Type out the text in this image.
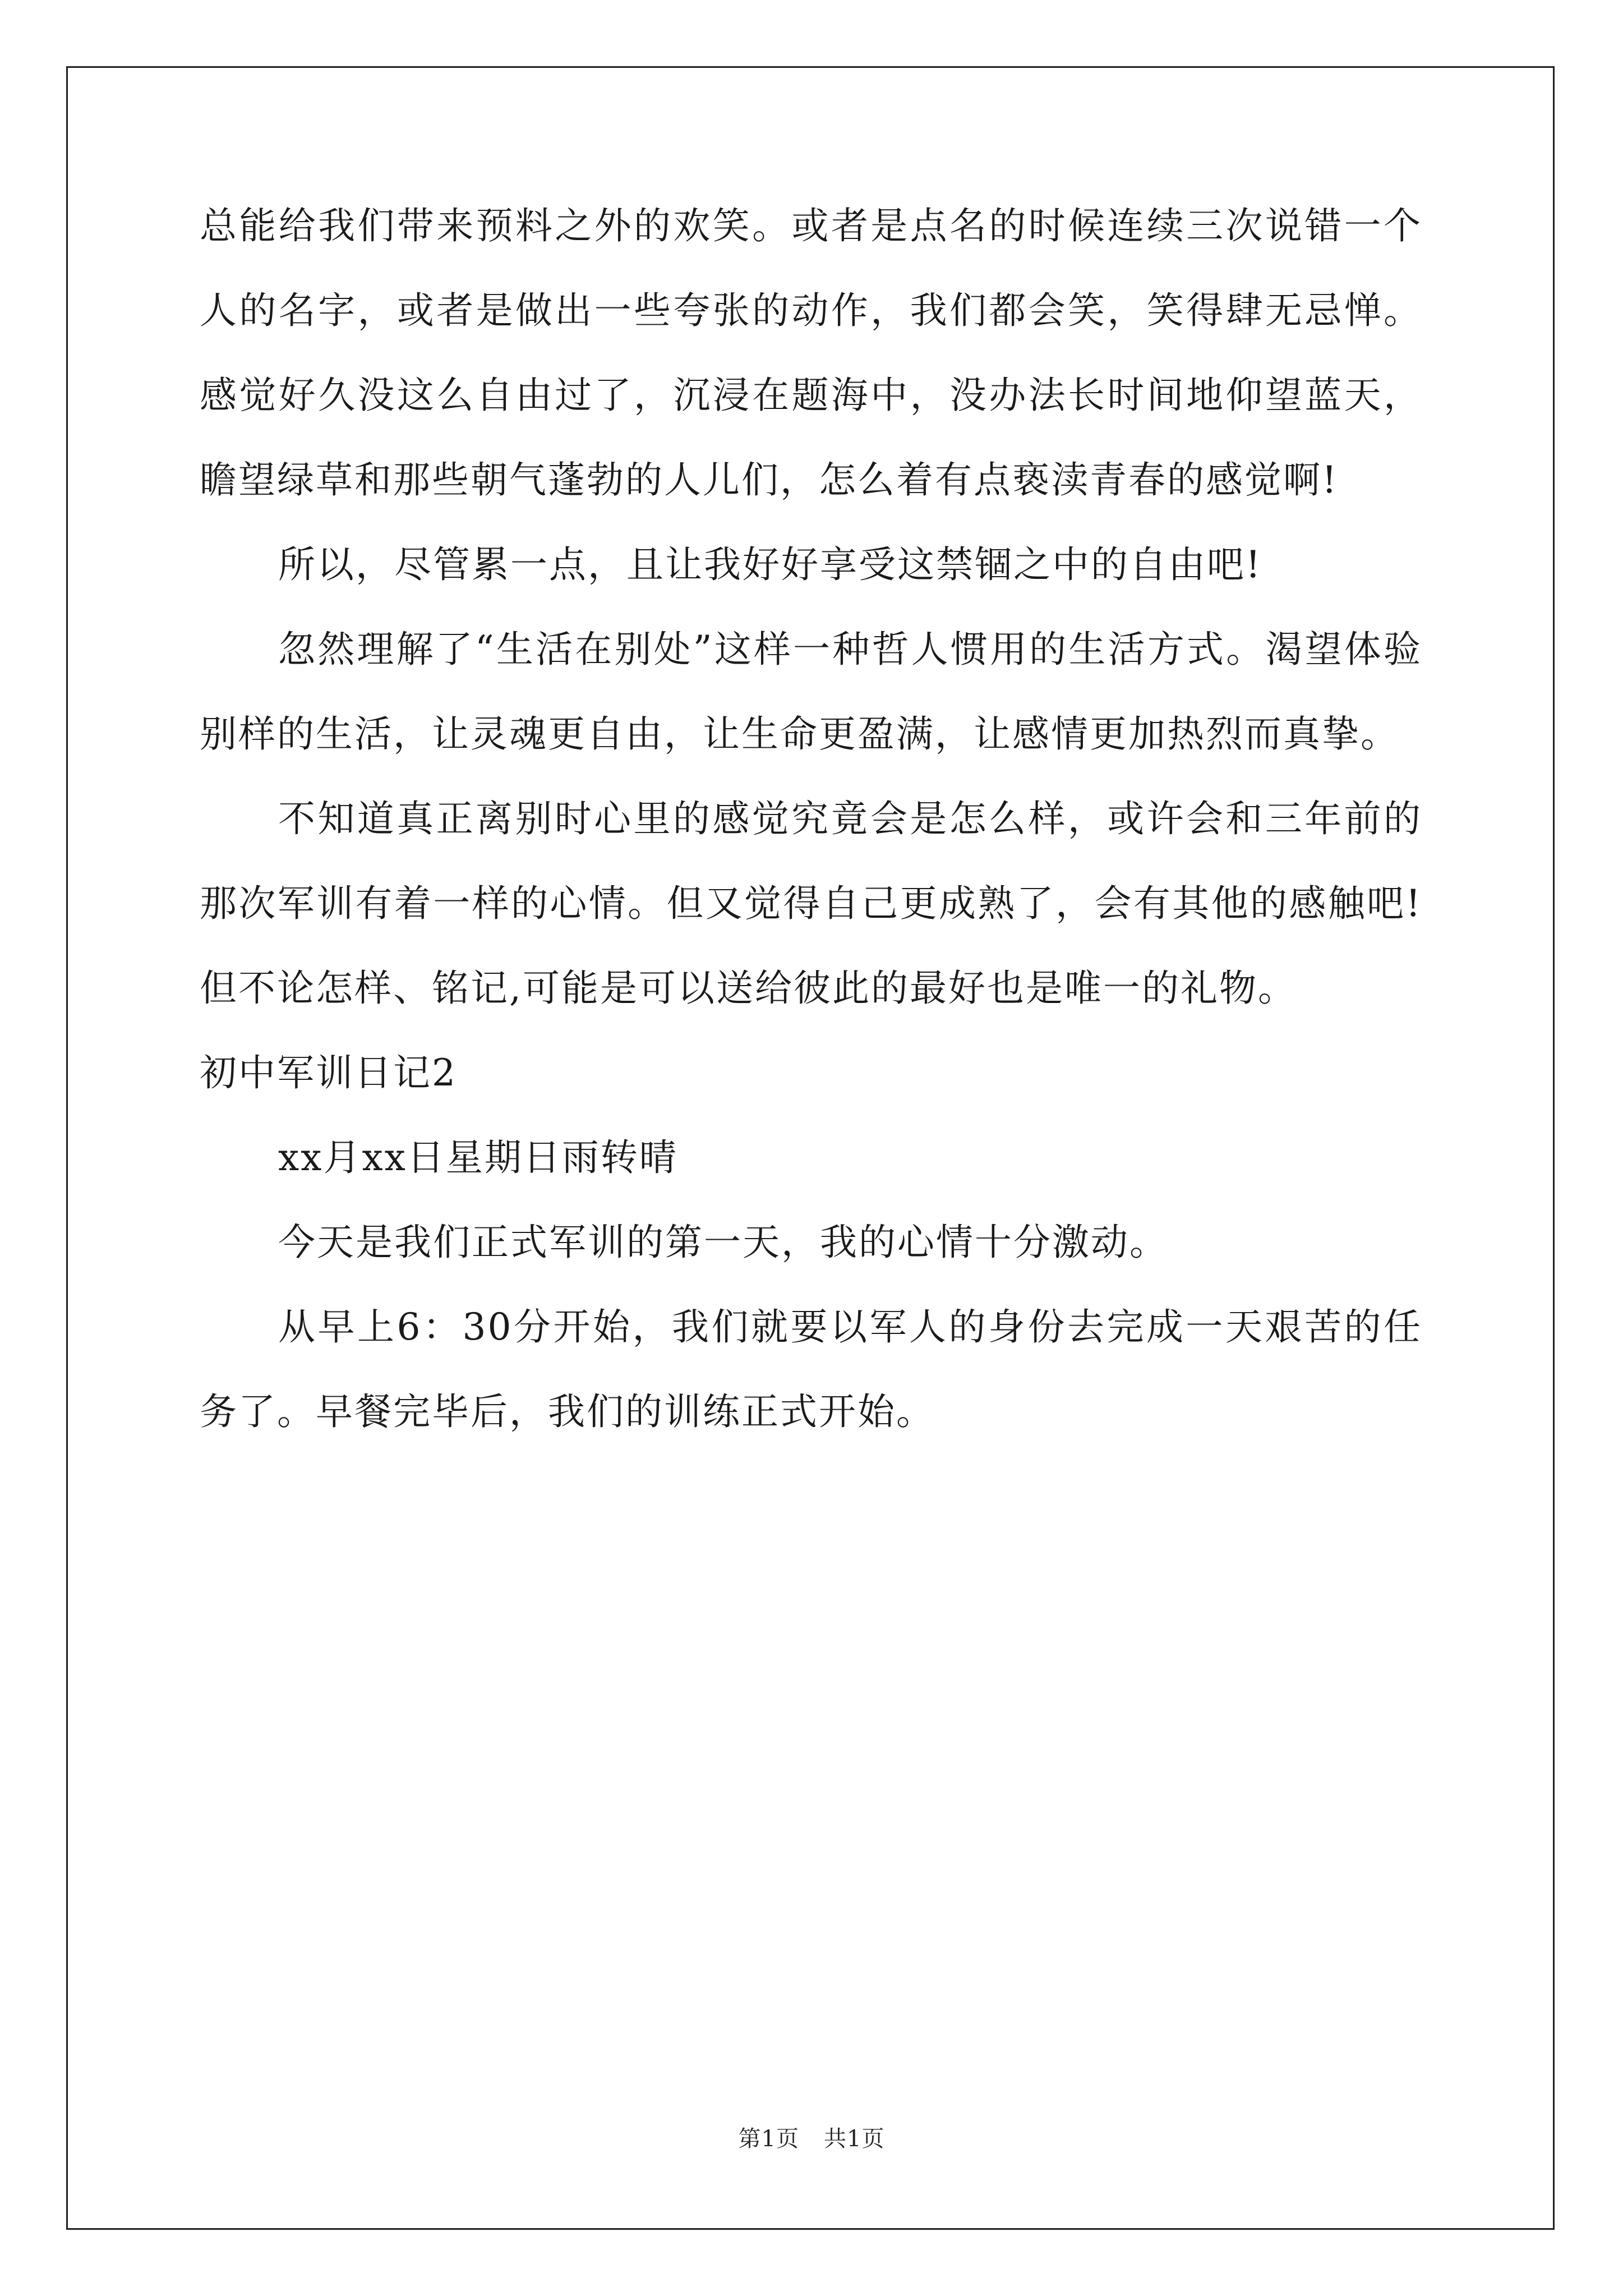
总能给我们带来预料之外的欢笑。或者是点名的时候连续三次说错一个人的名字，或者是做出一些夸张的动作，我们都会笑，笑得肆无忌惮。感觉好久没这么自由过了，沉浸在题海中，没办法长时间地仰望蓝天，瞻望绿草和那些朝气蓬勃的人儿们，怎么着有点亵渎青春的感觉啊!

所以，尽管累一点，且让我好好享受这禁锢之中的自由吧!

忽然理解了“生活在别处”这样一种哲人惯用的生活方式。渴望体验别样的生活，让灵魂更自由，让生命更盈满，让感情更加热烈而真挚。

不知道真正离别时心里的感觉究竟会是怎么样，或许会和三年前的那次军训有着一样的心情。但又觉得自己更成熟了，会有其他的感触吧!但不论怎样、铭记,可能是可以送给彼此的最好也是唯一的礼物。

初中军训日记2

xx月xx日星期日雨转晴

今天是我们正式军训的第一天，我的心情十分激动。

从早上6：30分开始，我们就要以军人的身份去完成一天艰苦的任务了。早餐完毕后，我们的训练正式开始。

第1页 共1页
